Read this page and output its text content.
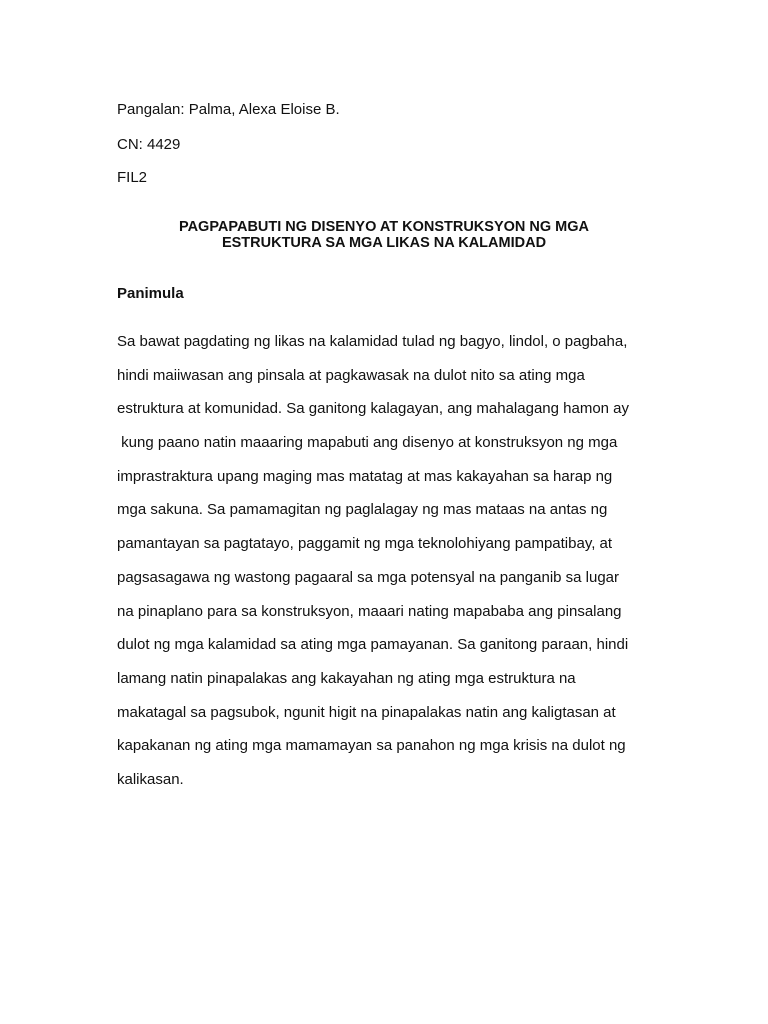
Pangalan: Palma, Alexa Eloise B.
CN: 4429
FIL2
PAGPAPABUTI NG DISENYO AT KONSTRUKSYON NG MGA
ESTRUKTURA SA MGA LIKAS NA KALAMIDAD
Panimula
Sa bawat pagdating ng likas na kalamidad tulad ng bagyo, lindol, o pagbaha,
hindi maiiwasan ang pinsala at pagkawasak na dulot nito sa ating mga
estruktura at komunidad. Sa ganitong kalagayan, ang mahalagang hamon ay
kung paano natin maaaring mapabuti ang disenyo at konstruksyon ng mga
imprastraktura upang maging mas matatag at mas kakayahan sa harap ng
mga sakuna. Sa pamamagitan ng paglalagay ng mas mataas na antas ng
pamantayan sa pagtatayo, paggamit ng mga teknolohiyang pampatibay, at
pagsasagawa ng wastong pagaaral sa mga potensyal na panganib sa lugar
na pinaplano para sa konstruksyon, maaari nating mapababa ang pinsalang
dulot ng mga kalamidad sa ating mga pamayanan. Sa ganitong paraan, hindi
lamang natin pinapalakas ang kakayahan ng ating mga estruktura na
makatagal sa pagsubok, ngunit higit na pinapalakas natin ang kaligtasan at
kapakanan ng ating mga mamamayan sa panahon ng mga krisis na dulot ng
kalikasan.
